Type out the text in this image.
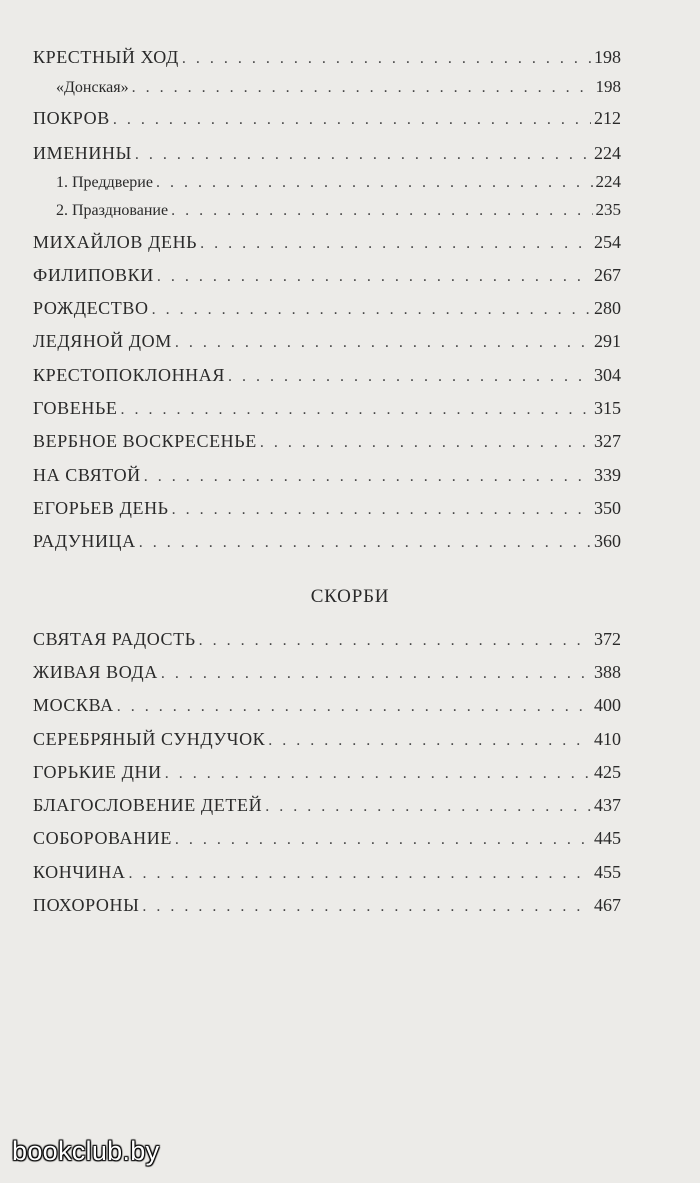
КРЕСТНЫЙ ХОД . . .	198
«Донская» . . .	198
ПОКРОВ . . .	212
ИМЕНИНЫ . . .	224
1. Преддверие . . .	224
2. Празднование . . .	235
МИХАЙЛОВ ДЕНЬ . . .	254
ФИЛИПОВКИ . . .	267
РОЖДЕСТВО . . .	280
ЛЕДЯНОЙ ДОМ . . .	291
КРЕСТОПОКЛОННАЯ . . .	304
ГОВЕНЬЕ . . .	315
ВЕРБНОЕ ВОСКРЕСЕНЬЕ . . .	327
НА СВЯТОЙ . . .	339
ЕГОРЬЕВ ДЕНЬ . . .	350
РАДУНИЦА . . .	360
СВЯТАЯ РАДОСТЬ . . .	372
ЖИВАЯ ВОДА . . .	388
МОСКВА . . .	400
СЕРЕБРЯНЫЙ СУНДУЧОК . . .	410
ГОРЬКИЕ ДНИ . . .	425
БЛАГОСЛОВЕНИЕ ДЕТЕЙ . . .	437
СОБОРОВАНИЕ . . .	445
КОНЧИНА . . .	455
ПОХОРОНЫ . . .	467
СКОРБИ
bookclub.by
